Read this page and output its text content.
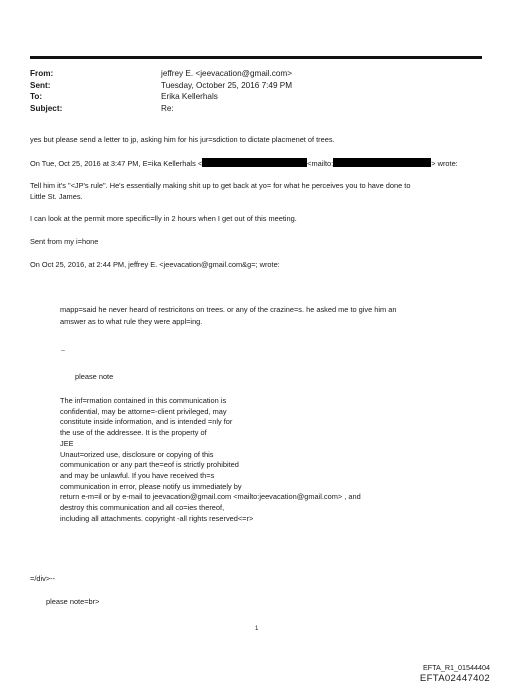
From:	jeffrey E. <jeevacation@gmail.com>
Sent:	Tuesday, October 25, 2016 7:49 PM
To:	Erika Kellerhals
Subject:	Re:
yes but please send a letter to jp, asking him for his jur=sdiction to dictate placmenet of trees.
On Tue, Oct 25, 2016 at 3:47 PM, E=ika Kellerhals <	<mailto:	> wrote:
Tell him it's "<JP's rule". He's essentially making shit up to get back at yo= for what he perceives you to have done to
Little St. James.
I can look at the permit more specific=lly in 2 hours when I get out of this meeting.
Sent from my i=hone
On Oct 25, 2016, at 2:44 PM, jeffrey E. <jeevacation@gmail.com&g=; wrote:
mapp=said he never heard of restricitons on trees. or any of the crazine=s. he asked me to give him an
amswer as to what rule they were appl=ing.
--
please note
The inf=rmation contained in this communication is
confidential, may be attorne=-client privileged, may
constitute inside information, and is intended =nly for
the use of the addressee. It is the property of
JEE
Unaut=orized use, disclosure or copying of this
communication or any part the=eof is strictly prohibited
and may be unlawful. If you have received th=s
communication in error, please notify us immediately by
return e-m=il or by e-mail to jeevacation@gmail.com <mailto:jeevacation@gmail.com> , and
destroy this communication and all co=ies thereof,
including all attachments. copyright -all rights reserved<=r>
=/div>--
please note=br>
1
EFTA_R1_01544404
EFTA02447402
